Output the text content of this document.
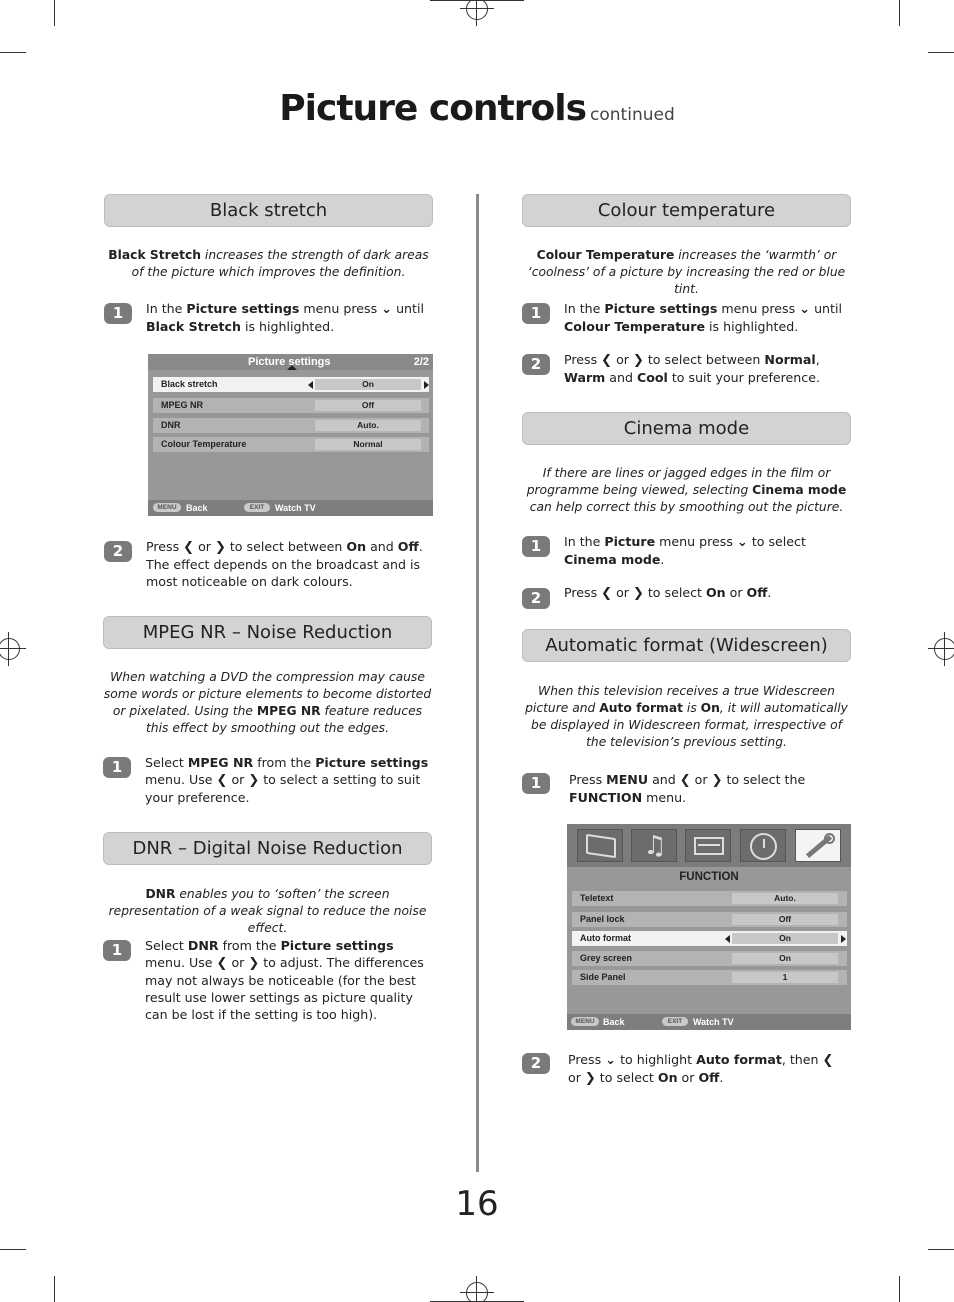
Picture controls continued
Black stretch
Black Stretch increases the strength of dark areas of the picture which improves the definition.
1	In the Picture settings menu press ⌄ until Black Stretch is highlighted.
Picture settings	2/2
Black stretch	On
MPEG NR	Off
DNR	Auto.
Colour Temperature	Normal
MENU	Back	EXIT	Watch TV
2	Press ❮ or ❯ to select between On and Off. The effect depends on the broadcast and is most noticeable on dark colours.
MPEG NR – Noise Reduction
When watching a DVD the compression may cause some words or picture elements to become distorted or pixelated. Using the MPEG NR feature reduces this effect by smoothing out the edges.
1	Select MPEG NR from the Picture settings menu. Use ❮ or ❯ to select a setting to suit your preference.
DNR – Digital Noise Reduction
DNR enables you to ‘soften’ the screen representation of a weak signal to reduce the noise effect.
1	Select DNR from the Picture settings menu. Use ❮ or ❯ to adjust. The differences may not always be noticeable (for the best result use lower settings as picture quality can be lost if the setting is too high).
Colour temperature
Colour Temperature increases the ‘warmth’ or ‘coolness’ of a picture by increasing the red or blue tint.
1	In the Picture settings menu press ⌄ until Colour Temperature is highlighted.
2	Press ❮ or ❯ to select between Normal, Warm and Cool to suit your preference.
Cinema mode
If there are lines or jagged edges in the film or programme being viewed, selecting Cinema mode can help correct this by smoothing out the picture.
1	In the Picture menu press ⌄ to select Cinema mode.
2	Press ❮ or ❯ to select On or Off.
Automatic format (Widescreen)
When this television receives a true Widescreen picture and Auto format is On, it will automatically be displayed in Widescreen format, irrespective of the television’s previous setting.
1	Press MENU and ❮ or ❯ to select the FUNCTION menu.
♫
FUNCTION
Teletext	Auto.
Panel lock	Off
Auto format	On
Grey screen	On
Side Panel	1
MENU Back	EXIT	Watch TV
2	Press ⌄ to highlight Auto format, then ❮ or ❯ to select On or Off.
16
